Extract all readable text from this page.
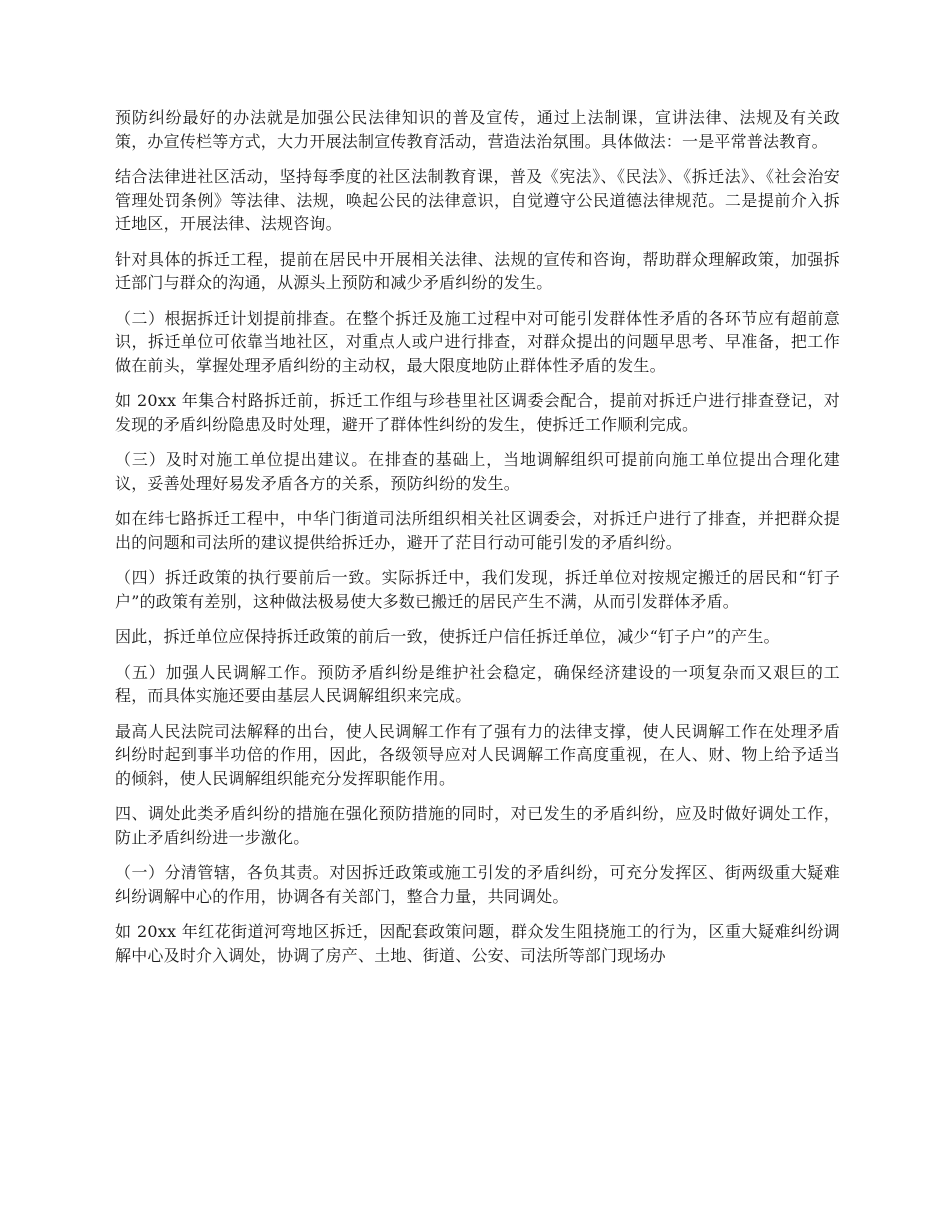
预防纠纷最好的办法就是加强公民法律知识的普及宣传，通过上法制课，宣讲法律、法规及有关政策，办宣传栏等方式，大力开展法制宣传教育活动，营造法治氛围。具体做法：一是平常普法教育。

结合法律进社区活动，坚持每季度的社区法制教育课，普及《宪法》、《民法》、《拆迁法》、《社会治安管理处罚条例》等法律、法规，唤起公民的法律意识，自觉遵守公民道德法律规范。二是提前介入拆迁地区，开展法律、法规咨询。

针对具体的拆迁工程，提前在居民中开展相关法律、法规的宣传和咨询，帮助群众理解政策，加强拆迁部门与群众的沟通，从源头上预防和减少矛盾纠纷的发生。

（二）根据拆迁计划提前排查。在整个拆迁及施工过程中对可能引发群体性矛盾的各环节应有超前意识，拆迁单位可依靠当地社区，对重点人或户进行排查，对群众提出的问题早思考、早准备，把工作做在前头，掌握处理矛盾纠纷的主动权，最大限度地防止群体性矛盾的发生。

如 20xx 年集合村路拆迁前，拆迁工作组与珍巷里社区调委会配合，提前对拆迁户进行排查登记，对发现的矛盾纠纷隐患及时处理，避开了群体性纠纷的发生，使拆迁工作顺利完成。

（三）及时对施工单位提出建议。在排查的基础上，当地调解组织可提前向施工单位提出合理化建议，妥善处理好易发矛盾各方的关系，预防纠纷的发生。

如在纬七路拆迁工程中，中华门街道司法所组织相关社区调委会，对拆迁户进行了排查，并把群众提出的问题和司法所的建议提供给拆迁办，避开了茫目行动可能引发的矛盾纠纷。

（四）拆迁政策的执行要前后一致。实际拆迁中，我们发现，拆迁单位对按规定搬迁的居民和“钉子户”的政策有差别，这种做法极易使大多数已搬迁的居民产生不满，从而引发群体矛盾。

因此，拆迁单位应保持拆迁政策的前后一致，使拆迁户信任拆迁单位，减少“钉子户”的产生。

（五）加强人民调解工作。预防矛盾纠纷是维护社会稳定，确保经济建设的一项复杂而又艰巨的工程，而具体实施还要由基层人民调解组织来完成。

最高人民法院司法解释的出台，使人民调解工作有了强有力的法律支撑，使人民调解工作在处理矛盾纠纷时起到事半功倍的作用，因此，各级领导应对人民调解工作高度重视，在人、财、物上给予适当的倾斜，使人民调解组织能充分发挥职能作用。

四、调处此类矛盾纠纷的措施在强化预防措施的同时，对已发生的矛盾纠纷，应及时做好调处工作，防止矛盾纠纷进一步激化。

（一）分清管辖，各负其责。对因拆迁政策或施工引发的矛盾纠纷，可充分发挥区、街两级重大疑难纠纷调解中心的作用，协调各有关部门，整合力量，共同调处。

如 20xx 年红花街道河弯地区拆迁，因配套政策问题，群众发生阻挠施工的行为，区重大疑难纠纷调解中心及时介入调处，协调了房产、土地、街道、公安、司法所等部门现场办
